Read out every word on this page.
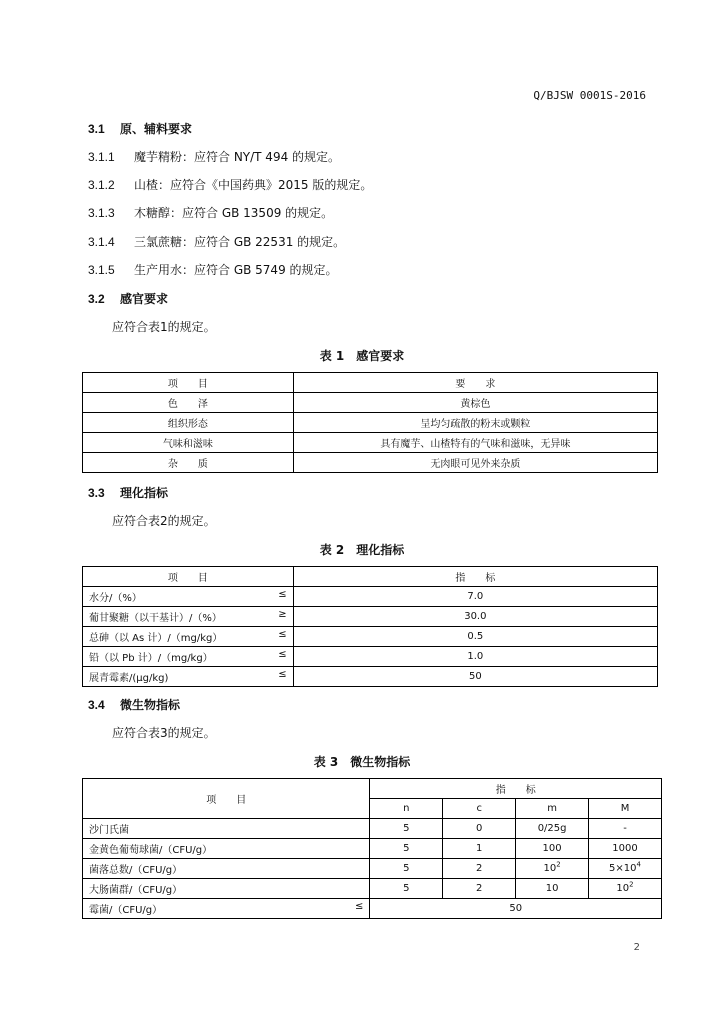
Q/BJSW 0001S-2016
3.1 原、辅料要求
3.1.1 魔芋精粉：应符合 NY/T 494 的规定。
3.1.2 山楂：应符合《中国药典》2015 版的规定。
3.1.3 木糖醇：应符合 GB 13509 的规定。
3.1.4 三氯蔗糖：应符合 GB 22531 的规定。
3.1.5 生产用水：应符合 GB 5749 的规定。
3.2 感官要求
应符合表1的规定。
表 1　感官要求
项　　目	要　　求
色　　泽	黄棕色
组织形态	呈均匀疏散的粉末或颗粒
气味和滋味	具有魔芋、山楂特有的气味和滋味，无异味
杂　　质	无肉眼可见外来杂质
3.3 理化指标
应符合表2的规定。
表 2　理化指标
项　　目	指　　标
水分/（%） ≤	7.0
葡甘聚糖（以干基计）/（%） ≥	30.0
总砷（以 As 计）/（mg/kg） ≤	0.5
铅（以 Pb 计）/（mg/kg） ≤	1.0
展青霉素/(μg/kg) ≤	50
3.4 微生物指标
应符合表3的规定。
表 3　微生物指标
项　　目	指　　标			
	n	c	m	M
沙门氏菌	5	0	0/25g	-
金黄色葡萄球菌/（CFU/g）	5	1	100	1000
菌落总数/（CFU/g）	5	2	$10^2$	$5\times 10^4$
大肠菌群/（CFU/g）	5	2	10	$10^2$
霉菌/（CFU/g） ≤	50			
2
